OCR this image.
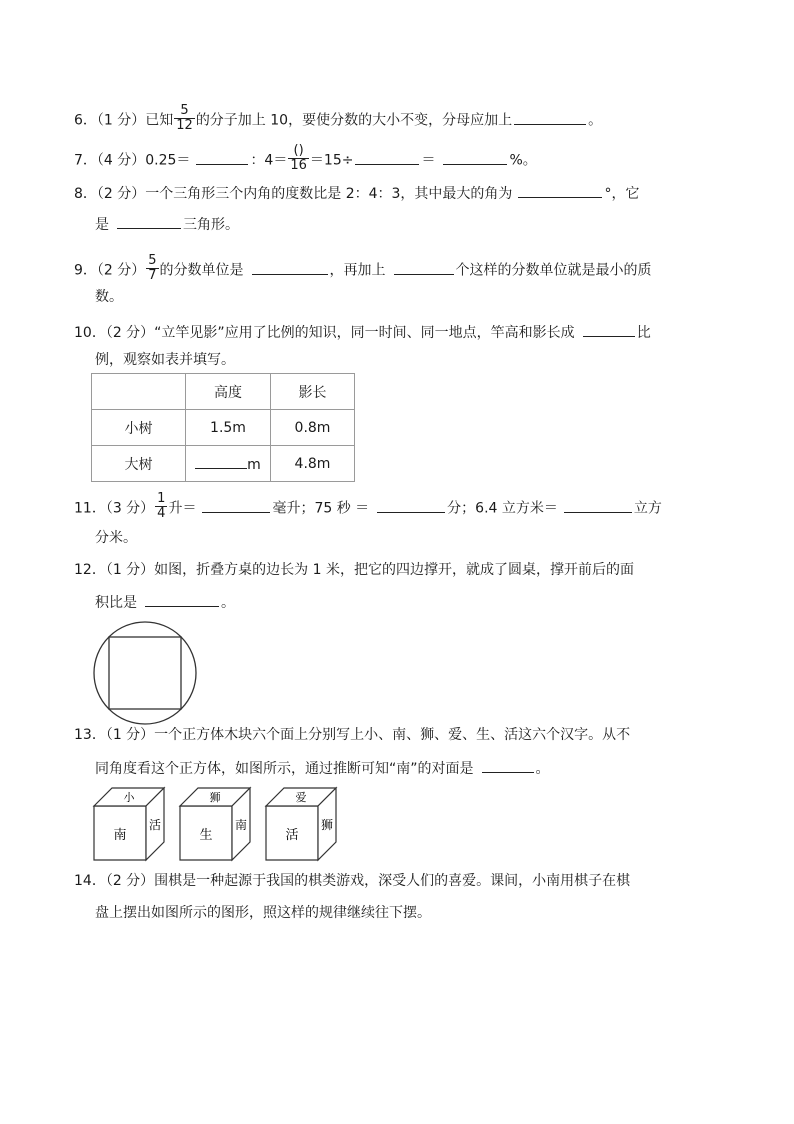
6．（1 分）已知 $\frac{5}{12}$ 的分子加上 10，要使分数的大小不变，分母应加上	。
7．（4 分）0.25＝	：$4= \frac{()}{16} =15\div$	＝	%。
8．（2 分）一个三角形三个内角的度数比是 2：4：3，其中最大的角为	°，它
是	三角形。
9．（2 分） $\frac{5}{7}$ 的分数单位是	，再加上	个这样的分数单位就是最小的质
数。
10．（2 分）“立竿见影”应用了比例的知识，同一时间、同一地点，竿高和影长成	比
例，观察如表并填写。
	高度	影长
小树	1.5m	0.8m
大树	m	4.8m
11．（3 分） $\frac{1}{4}$ 升＝	毫升；75 秒 ＝	分；6.4 立方米＝	立方
分米。
12．（1 分）如图，折叠方桌的边长为 1 米，把它的四边撑开，就成了圆桌，撑开前后的面
积比是	。
13．（1 分）一个正方体木块六个面上分别写上小、南、狮、爱、生、活这六个汉字。从不
同角度看这个正方体，如图所示，通过推断可知“南”的对面是	。
小
南
活
狮
生
南
爱
活
狮
14．（2 分）围棋是一种起源于我国的棋类游戏，深受人们的喜爱。课间，小南用棋子在棋
盘上摆出如图所示的图形，照这样的规律继续往下摆。
